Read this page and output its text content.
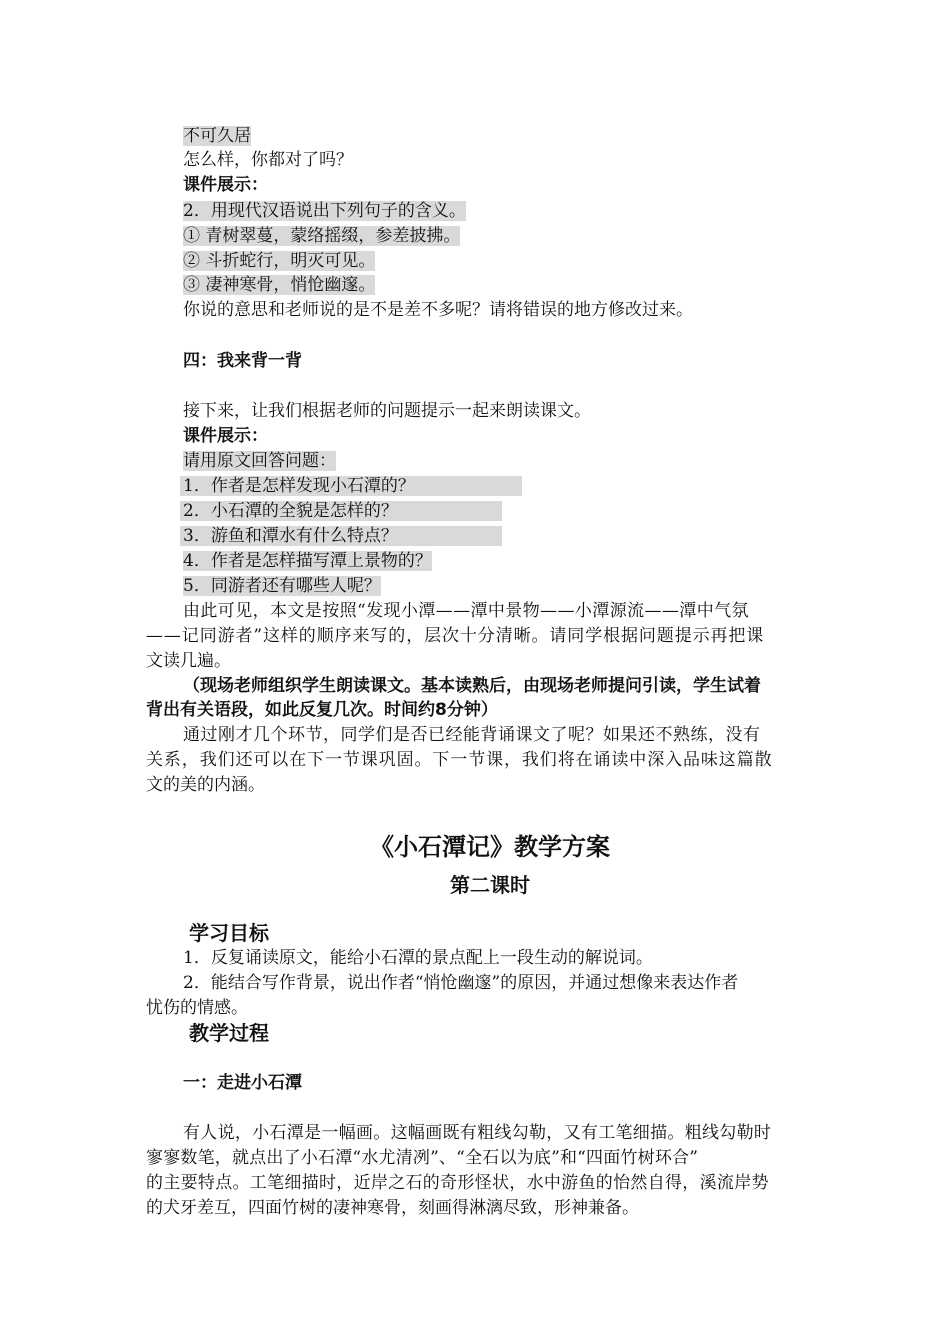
不可久居
怎么样，你都对了吗？
课件展示：
2．用现代汉语说出下列句子的含义。
① 青树翠蔓，蒙络摇缀，参差披拂。
② 斗折蛇行，明灭可见。
③ 凄神寒骨，悄怆幽邃。
你说的意思和老师说的是不是差不多呢？请将错误的地方修改过来。
四：我来背一背
接下来，让我们根据老师的问题提示一起来朗读课文。
课件展示：
请用原文回答问题：
1．作者是怎样发现小石潭的？
2．小石潭的全貌是怎样的？
3．游鱼和潭水有什么特点？
4．作者是怎样描写潭上景物的？
5．同游者还有哪些人呢？
由此可见，本文是按照“发现小潭——潭中景物——小潭源流——潭中气氛
——记同游者”这样的顺序来写的，层次十分清晰。请同学根据问题提示再把课
文读几遍。
（现场老师组织学生朗读课文。基本读熟后，由现场老师提问引读，学生试着
背出有关语段，如此反复几次。时间约8分钟）
通过刚才几个环节，同学们是否已经能背诵课文了呢？如果还不熟练，没有
关系，我们还可以在下一节课巩固。下一节课，我们将在诵读中深入品味这篇散
文的美的内涵。
《小石潭记》教学方案
第二课时
学习目标
1．反复诵读原文，能给小石潭的景点配上一段生动的解说词。
2．能结合写作背景，说出作者“悄怆幽邃”的原因，并通过想像来表达作者
忧伤的情感。
教学过程
一：走进小石潭
有人说，小石潭是一幅画。这幅画既有粗线勾勒，又有工笔细描。粗线勾勒时
寥寥数笔，就点出了小石潭“水尤清冽”、“全石以为底”和“四面竹树环合”
的主要特点。工笔细描时，近岸之石的奇形怪状，水中游鱼的怡然自得，溪流岸势
的犬牙差互，四面竹树的凄神寒骨，刻画得淋漓尽致，形神兼备。
